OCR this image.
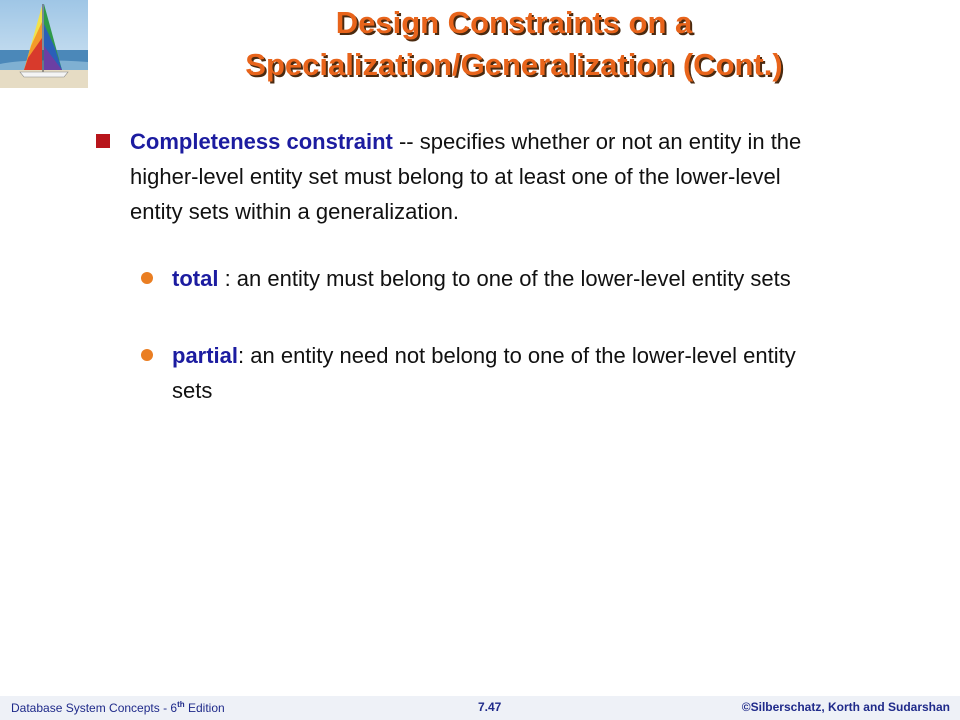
Design Constraints on a
Specialization/Generalization (Cont.)
Completeness constraint -- specifies whether or not an entity in the higher-level entity set must belong to at least one of the lower-level entity sets within a generalization.
total : an entity must belong to one of the lower-level entity sets
partial: an entity need not belong to one of the lower-level entity sets
Database System Concepts - 6th Edition	7.47	©Silberschatz, Korth and Sudarshan
